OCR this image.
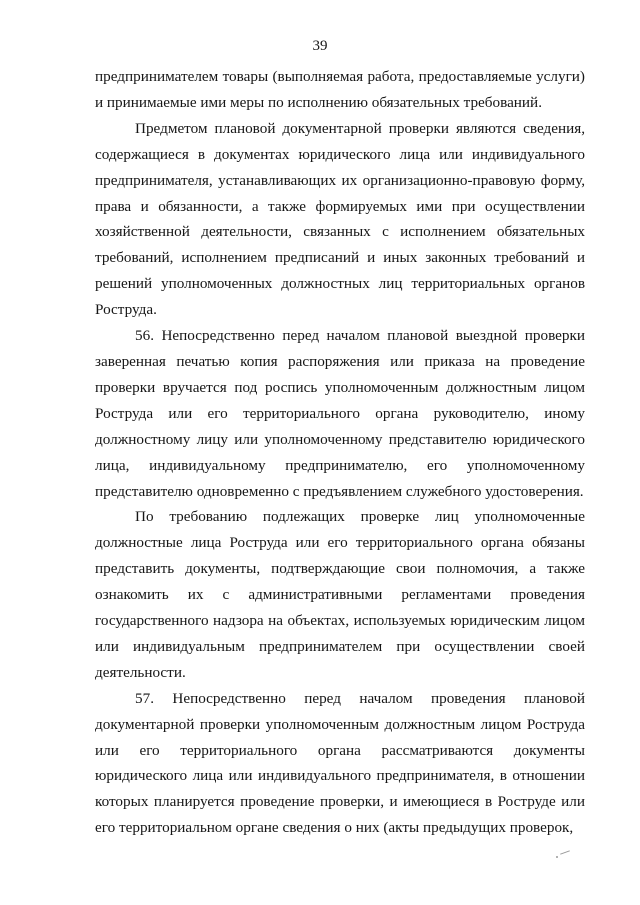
39

предпринимателем товары (выполняемая работа, предоставляемые услуги) и принимаемые ими меры по исполнению обязательных требований.

Предметом плановой документарной проверки являются сведения, содержащиеся в документах юридического лица или индивидуального предпринимателя, устанавливающих их организационно-правовую форму, права и обязанности, а также формируемых ими при осуществлении хозяйственной деятельности, связанных с исполнением обязательных требований, исполнением предписаний и иных законных требований и решений уполномоченных должностных лиц территориальных органов Роструда.

56. Непосредственно перед началом плановой выездной проверки заверенная печатью копия распоряжения или приказа на проведение проверки вручается под роспись уполномоченным должностным лицом Роструда или его территориального органа руководителю, иному должностному лицу или уполномоченному представителю юридического лица, индивидуальному предпринимателю, его уполномоченному представителю одновременно с предъявлением служебного удостоверения.

По требованию подлежащих проверке лиц уполномоченные должностные лица Роструда или его территориального органа обязаны представить документы, подтверждающие свои полномочия, а также ознакомить их с административными регламентами проведения государственного надзора на объектах, используемых юридическим лицом или индивидуальным предпринимателем при осуществлении своей деятельности.

57. Непосредственно перед началом проведения плановой документарной проверки уполномоченным должностным лицом Роструда или его территориального органа рассматриваются документы юридического лица или индивидуального предпринимателя, в отношении которых планируется проведение проверки, и имеющиеся в Роструде или его территориальном органе сведения о них (акты предыдущих проверок,
